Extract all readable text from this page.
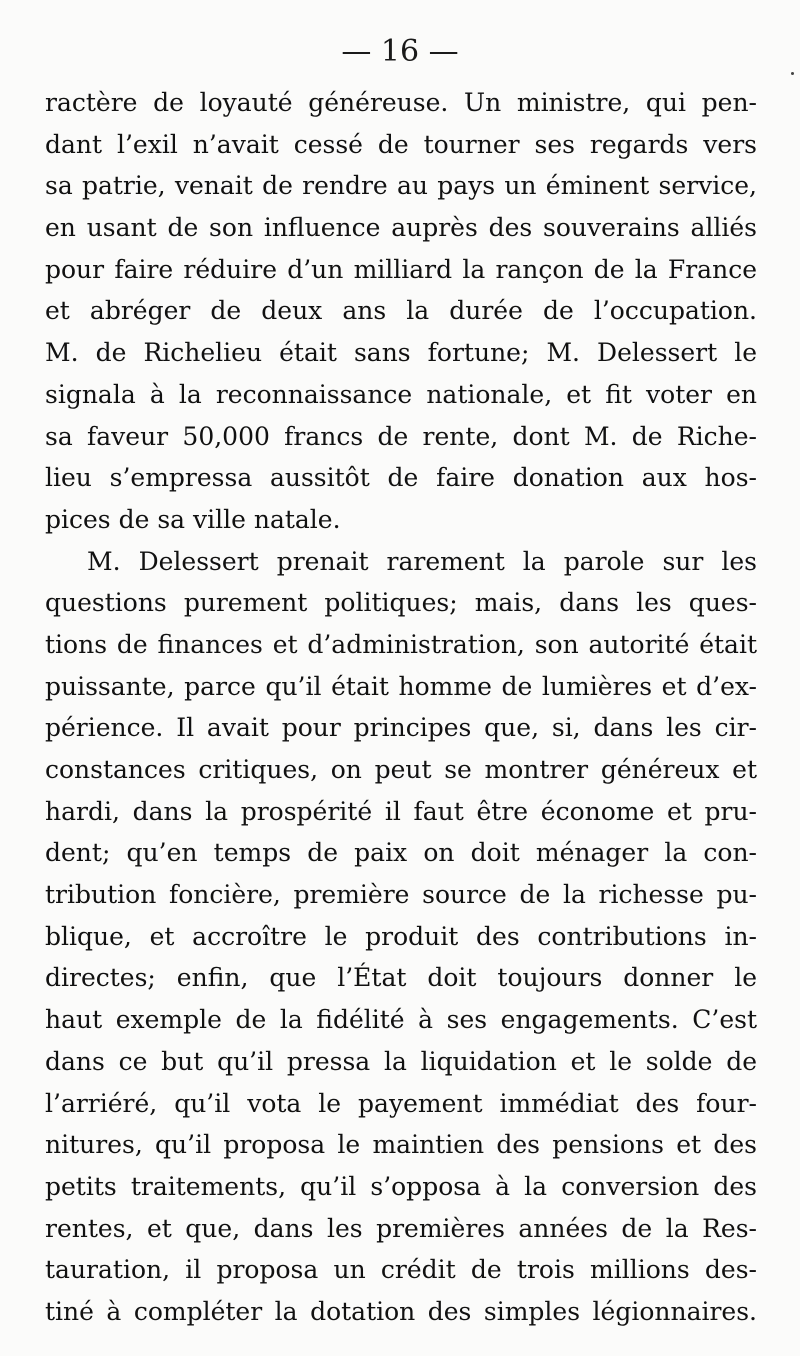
— 16 —
ractère de loyauté généreuse. Un ministre, qui pen-
dant l’exil n’avait cessé de tourner ses regards vers
sa patrie, venait de rendre au pays un éminent service,
en usant de son influence auprès des souverains alliés
pour faire réduire d’un milliard la rançon de la France
et abréger de deux ans la durée de l’occupation.
M. de Richelieu était sans fortune; M. Delessert le
signala à la reconnaissance nationale, et fit voter en
sa faveur 50,000 francs de rente, dont M. de Riche-
lieu s’empressa aussitôt de faire donation aux hos-
pices de sa ville natale.
M. Delessert prenait rarement la parole sur les
questions purement politiques; mais, dans les ques-
tions de finances et d’administration, son autorité était
puissante, parce qu’il était homme de lumières et d’ex-
périence. Il avait pour principes que, si, dans les cir-
constances critiques, on peut se montrer généreux et
hardi, dans la prospérité il faut être économe et pru-
dent; qu’en temps de paix on doit ménager la con-
tribution foncière, première source de la richesse pu-
blique, et accroître le produit des contributions in-
directes; enfin, que l’État doit toujours donner le
haut exemple de la fidélité à ses engagements. C’est
dans ce but qu’il pressa la liquidation et le solde de
l’arriéré, qu’il vota le payement immédiat des four-
nitures, qu’il proposa le maintien des pensions et des
petits traitements, qu’il s’opposa à la conversion des
rentes, et que, dans les premières années de la Res-
tauration, il proposa un crédit de trois millions des-
tiné à compléter la dotation des simples légionnaires.
